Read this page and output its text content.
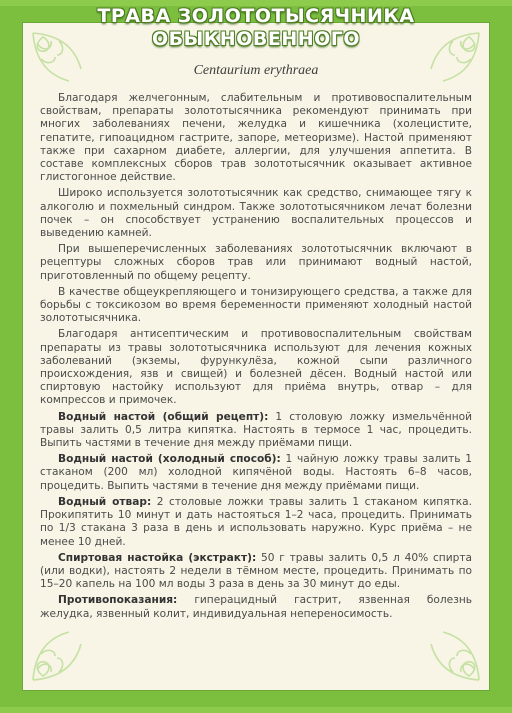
ТРАВА ЗОЛОТОТЫСЯЧНИКА
ОБЫКНОВЕННОГО
Centaurium erythraea

Благодаря желчегонным, слабительным и противовоспалительным свойствам, препараты золототысячника рекомендуют принимать при многих заболеваниях печени, желудка и кишечника (холецистите, гепатите, гипоацидном гастрите, запоре, метеоризме). Настой применяют также при сахарном диабете, аллергии, для улучшения аппетита. В составе комплексных сборов трав золототысячник оказывает активное глистогонное действие.

Широко используется золототысячник как средство, снимающее тягу к алкоголю и похмельный синдром. Также золототысячником лечат болезни почек – он способствует устранению воспалительных процессов и выведению камней.

При вышеперечисленных заболеваниях золототысячник включают в рецептуры сложных сборов трав или принимают водный настой, приготовленный по общему рецепту.

В качестве общеукрепляющего и тонизирующего средства, а также для борьбы с токсикозом во время беременности применяют холодный настой золототысячника.

Благодаря антисептическим и противовоспалительным свойствам препараты из травы золототысячника используют для лечения кожных заболеваний (экземы, фурункулёза, кожной сыпи различного происхождения, язв и свищей) и болезней дёсен. Водный настой или спиртовую настойку используют для приёма внутрь, отвар – для компрессов и примочек.

Водный настой (общий рецепт): 1 столовую ложку измельчённой травы залить 0,5 литра кипятка. Настоять в термосе 1 час, процедить. Выпить частями в течение дня между приёмами пищи.

Водный настой (холодный способ): 1 чайную ложку травы залить 1 стаканом (200 мл) холодной кипячёной воды. Настоять 6–8 часов, процедить. Выпить частями в течение дня между приёмами пищи.

Водный отвар: 2 столовые ложки травы залить 1 стаканом кипятка. Прокипятить 10 минут и дать настояться 1–2 часа, процедить. Принимать по 1/3 стакана 3 раза в день и использовать наружно. Курс приёма – не менее 10 дней.

Спиртовая настойка (экстракт): 50 г травы залить 0,5 л 40% спирта (или водки), настоять 2 недели в тёмном месте, процедить. Принимать по 15–20 капель на 100 мл воды 3 раза в день за 30 минут до еды.

Противопоказания: гиперацидный гастрит, язвенная болезнь желудка, язвенный колит, индивидуальная непереносимость.
